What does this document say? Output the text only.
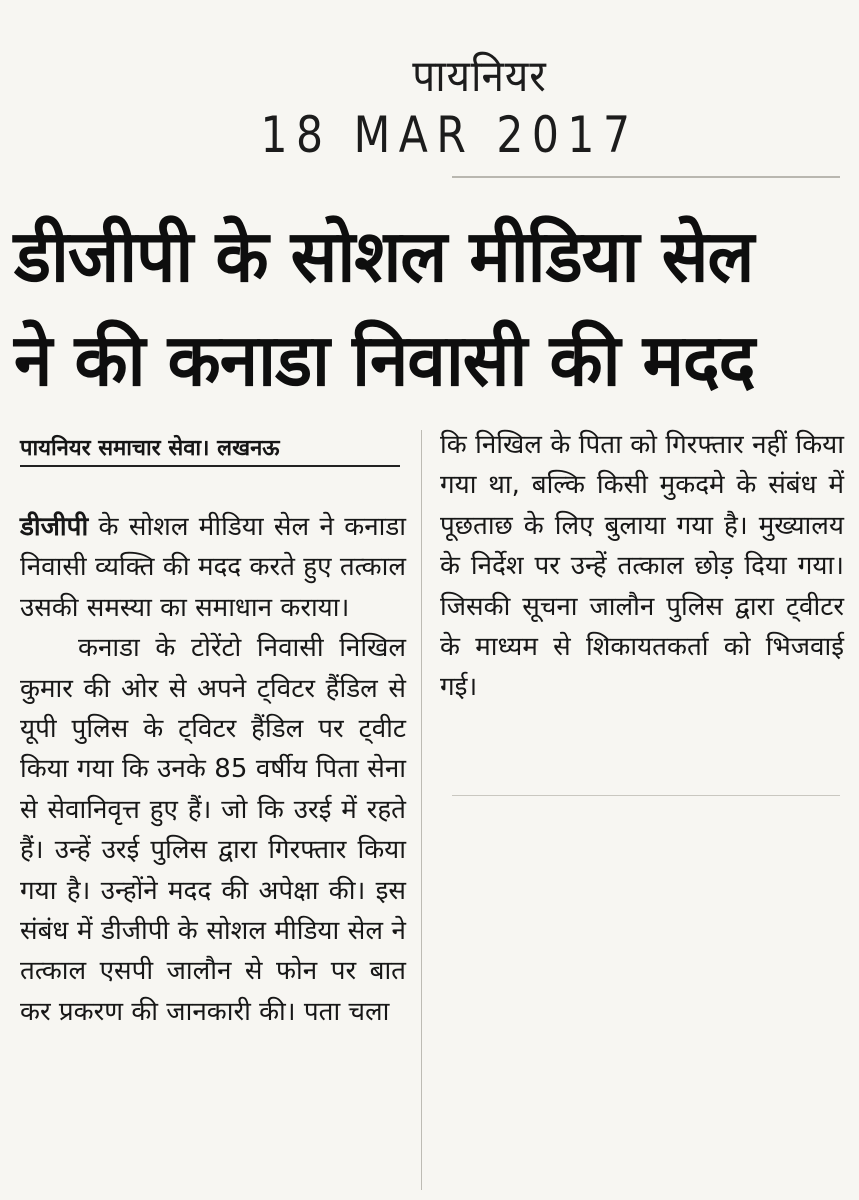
पायनियर
18 MAR 2017
डीजीपी के सोशल मीडिया सेल
ने की कनाडा निवासी की मदद
पायनियर समाचार सेवा। लखनऊ

डीजीपी के सोशल मीडिया सेल ने कनाडा निवासी व्यक्ति की मदद करते हुए तत्काल उसकी समस्या का समाधान कराया।

कनाडा के टोरेंटो निवासी निखिल कुमार की ओर से अपने ट्विटर हैंडिल से यूपी पुलिस के ट्विटर हैंडिल पर ट्वीट किया गया कि उनके 85 वर्षीय पिता सेना से सेवानिवृत्त हुए हैं। जो कि उरई में रहते हैं। उन्हें उरई पुलिस द्वारा गिरफ्तार किया गया है। उन्होंने मदद की अपेक्षा की। इस संबंध में डीजीपी के सोशल मीडिया सेल ने तत्काल एसपी जालौन से फोन पर बात कर प्रकरण की जानकारी की। पता चला

कि निखिल के पिता को गिरफ्तार नहीं किया गया था, बल्कि किसी मुकदमे के संबंध में पूछताछ के लिए बुलाया गया है। मुख्यालय के निर्देश पर उन्हें तत्काल छोड़ दिया गया। जिसकी सूचना जालौन पुलिस द्वारा ट्वीटर के माध्यम से शिकायतकर्ता को भिजवाई गई।
